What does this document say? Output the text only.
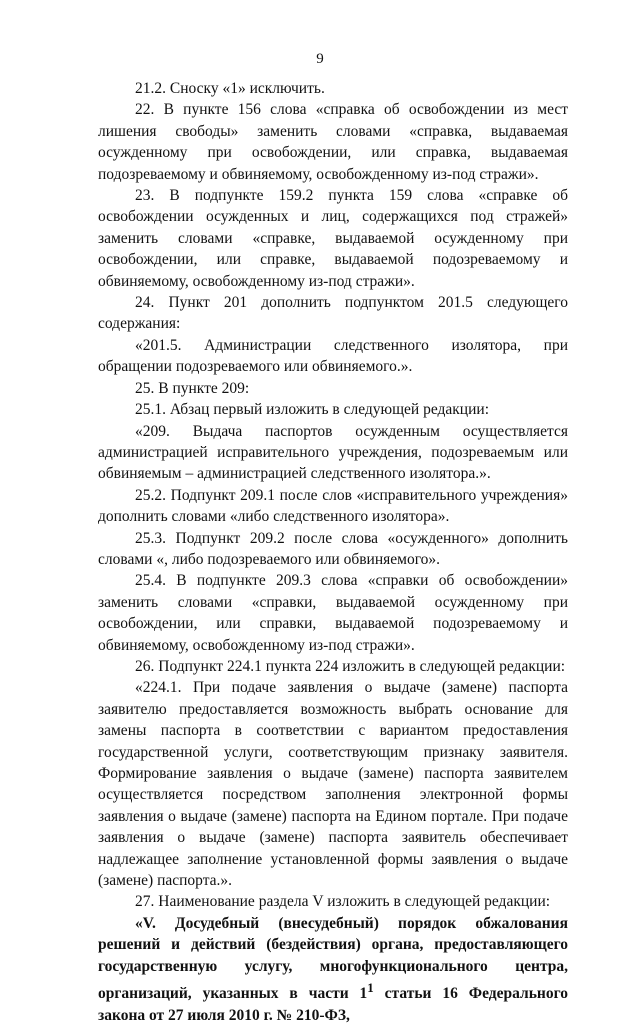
9

21.2. Сноску «1» исключить.

22. В пункте 156 слова «справка об освобождении из мест лишения свободы» заменить словами «справка, выдаваемая осужденному при освобождении, или справка, выдаваемая подозреваемому и обвиняемому, освобожденному из-под стражи».

23. В подпункте 159.2 пункта 159 слова «справке об освобождении осужденных и лиц, содержащихся под стражей» заменить словами «справке, выдаваемой осужденному при освобождении, или справке, выдаваемой подозреваемому и обвиняемому, освобожденному из-под стражи».

24. Пункт 201 дополнить подпунктом 201.5 следующего содержания:

«201.5. Администрации следственного изолятора, при обращении подозреваемого или обвиняемого.».

25. В пункте 209:

25.1. Абзац первый изложить в следующей редакции:

«209. Выдача паспортов осужденным осуществляется администрацией исправительного учреждения, подозреваемым или обвиняемым – администрацией следственного изолятора.».

25.2. Подпункт 209.1 после слов «исправительного учреждения» дополнить словами «либо следственного изолятора».

25.3. Подпункт 209.2 после слова «осужденного» дополнить словами «, либо подозреваемого или обвиняемого».

25.4. В подпункте 209.3 слова «справки об освобождении» заменить словами «справки, выдаваемой осужденному при освобождении, или справки, выдаваемой подозреваемому и обвиняемому, освобожденному из-под стражи».

26. Подпункт 224.1 пункта 224 изложить в следующей редакции:

«224.1. При подаче заявления о выдаче (замене) паспорта заявителю предоставляется возможность выбрать основание для замены паспорта в соответствии с вариантом предоставления государственной услуги, соответствующим признаку заявителя. Формирование заявления о выдаче (замене) паспорта заявителем осуществляется посредством заполнения электронной формы заявления о выдаче (замене) паспорта на Едином портале. При подаче заявления о выдаче (замене) паспорта заявитель обеспечивает надлежащее заполнение установленной формы заявления о выдаче (замене) паспорта.».

27. Наименование раздела V изложить в следующей редакции:

«V. Досудебный (внесудебный) порядок обжалования решений и действий (бездействия) органа, предоставляющего государственную услугу, многофункционального центра, организаций, указанных в части $1^1$ статьи 16 Федерального закона от 27 июля 2010 г. № 210-ФЗ,
